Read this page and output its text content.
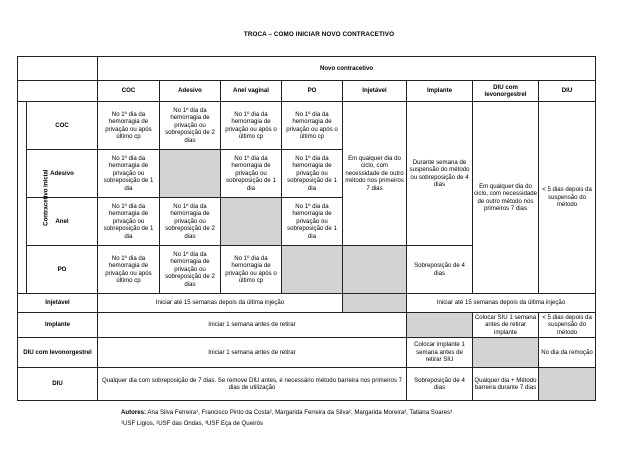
TROCA – COMO INICIAR NOVO CONTRACETIVO
		Novo contracetivo							
		COC	Adesivo	Anel vaginal	PO	Injetável	Implante	DIU com levonorgestrel	DIU
Contracetivo inicial	COC	No 1º dia da hemorragia de privação ou após último cp	No 1º dia da hemorragia de privação ou sobreposição de 2 dias	No 1º dia da hemorragia de privação ou após o último cp	No 1º dia da hemorragia de privação ou após o último cp	Em qualquer dia do ciclo, com necessidade de outro método nos primeiros 7 dias	Durante semana de suspensão do método ou sobreposição de 4 dias	Em qualquer dia do ciclo, com necessidade de outro método nos primeiros 7 dias	< 5 dias depois da suspensão do método
	Adesivo	No 1º dia da hemorragia de privação ou sobreposição de 1 dia		No 1º dia da hemorragia de privação ou sobreposição de 1 dia	No 1º dia da hemorragia de privação ou sobreposição de 1 dia				
	Anel	No 1º dia da hemorragia de privação ou sobreposição de 1 dia	No 1º dia da hemorragia de privação ou sobreposição de 2 dias		No 1º dia da hemorragia de privação ou sobreposição de 1 dia				
	PO	No 1º dia da hemorragia de privação ou após último cp	No 1º dia da hemorragia de privação ou sobreposição de 2 dias	No 1º dia da hemorragia de privação ou após o último cp			Sobreposição de 4 dias		
Injetável		Iniciar até 15 semanas depois da última injeção					Iniciar até 15 semanas depois da última injeção		
Implante		Iniciar 1 semana antes de retirar						Colocar SIU 1 semana antes de retirar implante	< 5 dias depois da suspensão do método
DIU com levonorgestrel		Iniciar 1 semana antes de retirar					Colocar implante 1 semana antes de retirar SIU		No dia da remoção
DIU		Qualquer dia com sobreposição de 7 dias. Se remove DIU antes, é necessário método barreira nos primeiros 7 dias de utilização					Sobreposição de 4 dias	Qualquer dia + Método barreira durante 7 dias	
Autores: Ana Silva Ferreira¹, Francisco Pinto da Costa², Margarida Ferreira da Silva², Margarida Moreira², Tatiana Soares³
¹USF Ligios, ²USF das Ondas, ³USF Eça de Queirós
